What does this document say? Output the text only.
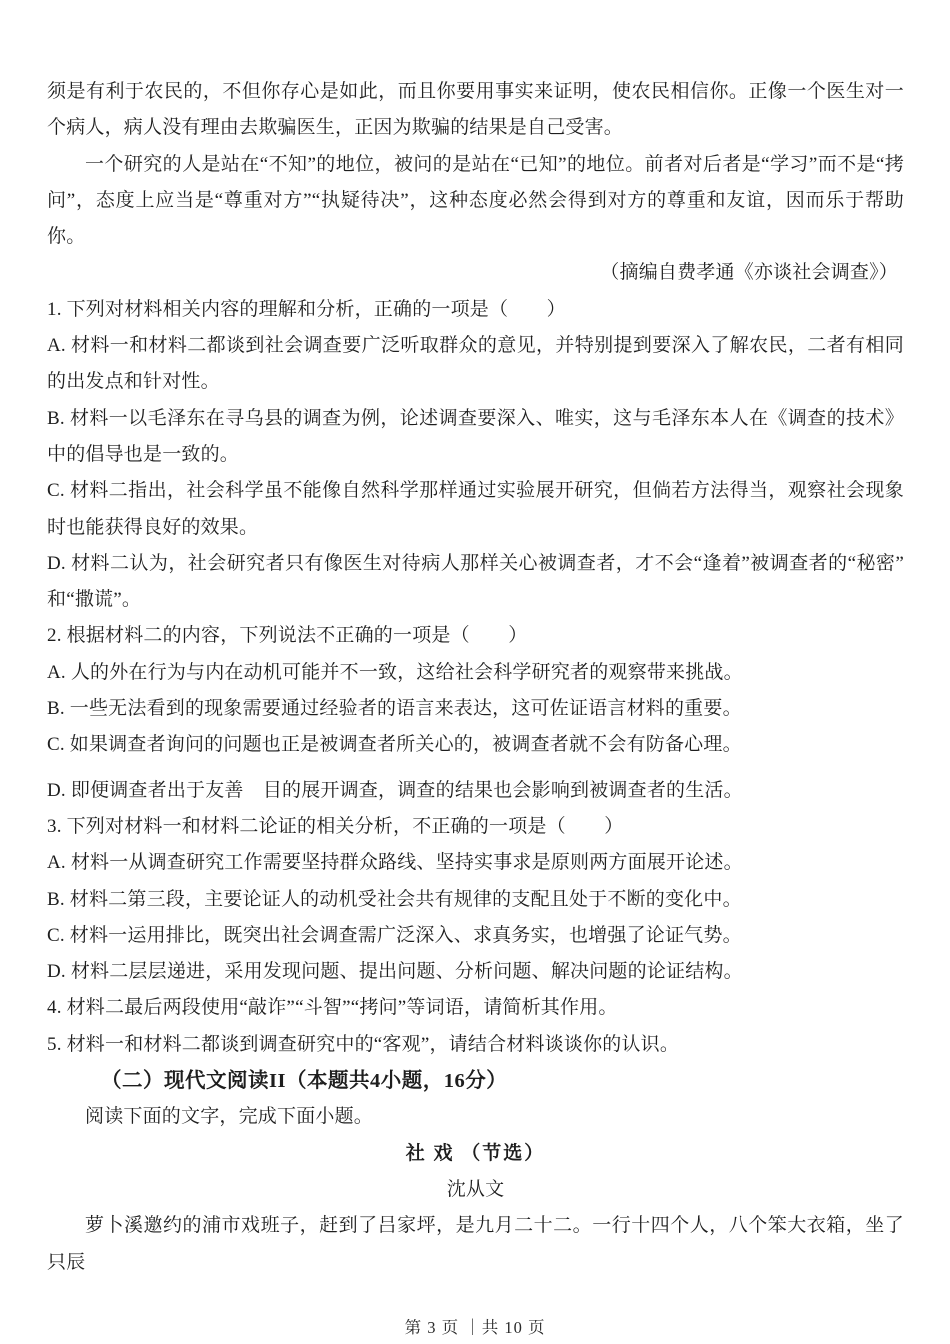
须是有利于农民的，不但你存心是如此，而且你要用事实来证明，使农民相信你。正像一个医生对一个病人，病人没有理由去欺骗医生，正因为欺骗的结果是自己受害。

一个研究的人是站在“不知”的地位，被问的是站在“已知”的地位。前者对后者是“学习”而不是“拷问”，态度上应当是“尊重对方”“执疑待决”，这种态度必然会得到对方的尊重和友谊，因而乐于帮助你。

（摘编自费孝通《亦谈社会调查》）

1. 下列对材料相关内容的理解和分析，正确的一项是（　　）

A. 材料一和材料二都谈到社会调查要广泛听取群众的意见，并特别提到要深入了解农民，二者有相同的出发点和针对性。

B. 材料一以毛泽东在寻乌县的调查为例，论述调查要深入、唯实，这与毛泽东本人在《调查的技术》中的倡导也是一致的。

C. 材料二指出，社会科学虽不能像自然科学那样通过实验展开研究，但倘若方法得当，观察社会现象时也能获得良好的效果。

D. 材料二认为，社会研究者只有像医生对待病人那样关心被调查者，才不会“逢着”被调查者的“秘密”和“撒谎”。

2. 根据材料二的内容，下列说法不正确的一项是（　　）

A. 人的外在行为与内在动机可能并不一致，这给社会科学研究者的观察带来挑战。

B. 一些无法看到的现象需要通过经验者的语言来表达，这可佐证语言材料的重要。

C. 如果调查者询问的问题也正是被调查者所关心的，被调查者就不会有防备心理。

D. 即便调查者出于友善　目的展开调查，调查的结果也会影响到被调查者的生活。

3. 下列对材料一和材料二论证的相关分析，不正确的一项是（　　）

A. 材料一从调查研究工作需要坚持群众路线、坚持实事求是原则两方面展开论述。

B. 材料二第三段，主要论证人的动机受社会共有规律的支配且处于不断的变化中。

C. 材料一运用排比，既突出社会调查需广泛深入、求真务实，也增强了论证气势。

D. 材料二层层递进，采用发现问题、提出问题、分析问题、解决问题的论证结构。

4. 材料二最后两段使用“敲诈”“斗智”“拷问”等词语，请简析其作用。

5. 材料一和材料二都谈到调查研究中的“客观”，请结合材料谈谈你的认识。

（二）现代文阅读II（本题共4小题，16分）

阅读下面的文字，完成下面小题。

社 戏 （节选）

沈从文

萝卜溪邀约的浦市戏班子，赶到了吕家坪，是九月二十二。一行十四个人，八个笨大衣箱，坐了只辰

第 3 页 ｜共 10 页
